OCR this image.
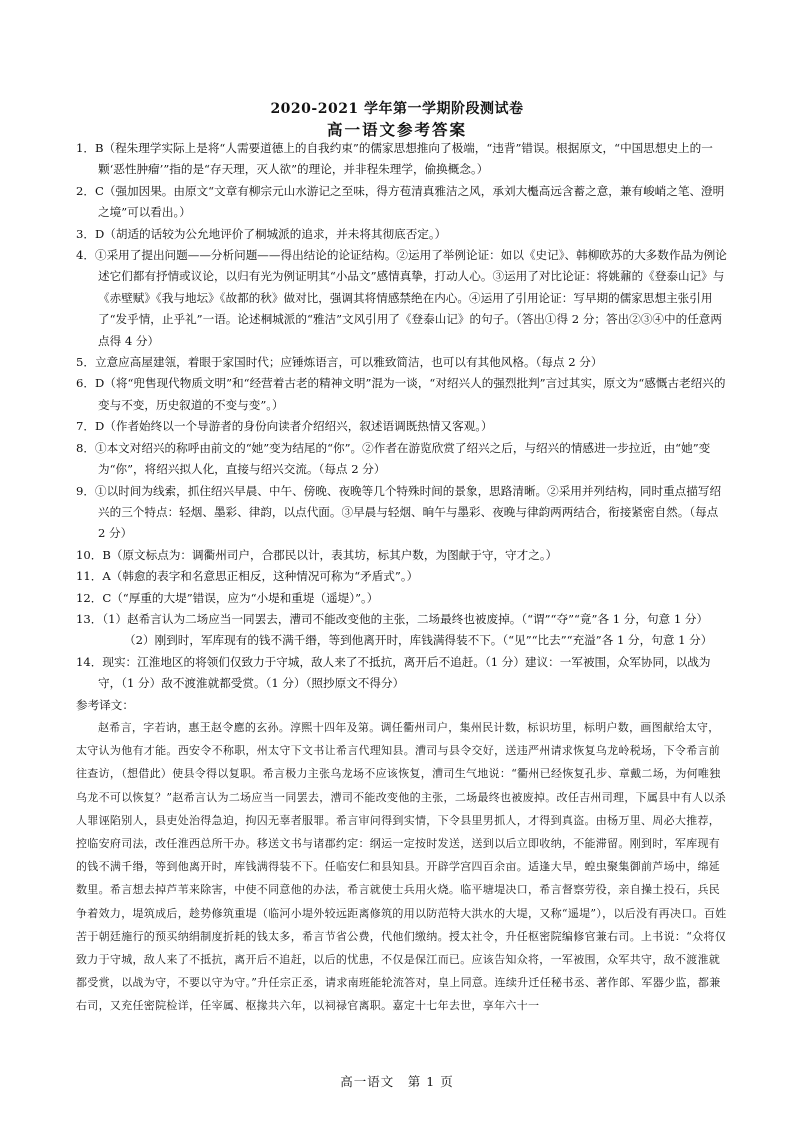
2020-2021 学年第一学期阶段测试卷
高一语文参考答案

1．B（程朱理学实际上是将“人需要道德上的自我约束”的儒家思想推向了极端，“违背”错误。根据原文，“中国思想史上的一颗‘恶性肿瘤’”指的是“存天理，灭人欲”的理论，并非程朱理学，偷换概念。）

2．C（强加因果。由原文“文章有柳宗元山水游记之至味，得方苞清真雅洁之风，承刘大櫆高远含蓄之意，兼有峻峭之笔、澄明之境”可以看出。）

3．D（胡适的话较为公允地评价了桐城派的追求，并未将其彻底否定。）

4．①采用了提出问题——分析问题——得出结论的论证结构。②运用了举例论证：如以《史记》、韩柳欧苏的大多数作品为例论述它们都有抒情或议论，以归有光为例证明其“小品文”感情真挚，打动人心。③运用了对比论证：将姚鼐的《登泰山记》与《赤壁赋》《我与地坛》《故都的秋》做对比，强调其将情感禁绝在内心。④运用了引用论证：写早期的儒家思想主张引用了“发乎情，止乎礼”一语。论述桐城派的“雅洁”文风引用了《登泰山记》的句子。（答出①得 2 分；答出②③④中的任意两点得 4 分）

5．立意应高屋建瓴，着眼于家国时代；应锤炼语言，可以雅致简洁，也可以有其他风格。（每点 2 分）

6．D（将“兜售现代物质文明”和“经营着古老的精神文明”混为一谈，“对绍兴人的强烈批判”言过其实，原文为“感慨古老绍兴的变与不变，历史叙道的不变与变”。）

7．D（作者始终以一个导游者的身份向读者介绍绍兴，叙述语调既热情又客观。）

8．①本文对绍兴的称呼由前文的“她”变为结尾的“你”。②作者在游览欣赏了绍兴之后，与绍兴的情感进一步拉近，由“她”变为“你”，将绍兴拟人化，直接与绍兴交流。（每点 2 分）

9．①以时间为线索，抓住绍兴早晨、中午、傍晚、夜晚等几个特殊时间的景象，思路清晰。②采用并列结构，同时重点描写绍兴的三个特点：轻烟、墨彩、律韵，以点代面。③早晨与轻烟、晌午与墨彩、夜晚与律韵两两结合，衔接紧密自然。（每点 2 分）

10．B（原文标点为：调衢州司户，合郡民以计，表其坊，标其户数，为图献于守，守才之。）

11．A（韩愈的表字和名意思正相反，这种情况可称为“矛盾式”。）

12．C（“厚重的大堤”错误，应为“小堤和重堤（遥堤）”。）

13．（1）赵希言认为二场应当一同罢去，漕司不能改变他的主张，二场最终也被废掉。（“谓”“夺”“竟”各 1 分，句意 1 分）

（2）刚到时，军库现有的钱不满千缗，等到他离开时，库钱满得装不下。（“见”“比去”“充溢”各 1 分，句意 1 分）

14．现实：江淮地区的将领们仅致力于守城，敌人来了不抵抗，离开后不追赶。（1 分）建议：一军被围，众军协同，以战为守，（1 分）敌不渡淮就都受赏。（1 分）（照抄原文不得分）

参考译文：

赵希言，字若讷，惠王赵令應的玄孙。淳熙十四年及第。调任衢州司户，集州民计数，标识坊里，标明户数，画图献给太守，太守认为他有才能。西安令不称职，州太守下文书让希言代理知县。漕司与县令交好，送违严州请求恢复乌龙岭税场，下令希言前往查访，（想借此）使县令得以复职。希言极力主张乌龙场不应该恢复，漕司生气地说：“衢州已经恢复孔步、章戴二场，为何唯独乌龙不可以恢复？”赵希言认为二场应当一同罢去，漕司不能改变他的主张，二场最终也被废掉。改任吉州司理，下属县中有人以杀人罪诬陷别人，县吏处治得急迫，拘囚无辜者服罪。希言审问得到实情，下令县里男抓人，才得到真盗。由杨万里、周必大推荐，控临安府司法，改任淮西总所干办。移送文书与诸郡约定：纲运一定按时发送，送到以后立即收纳，不能滞留。刚到时，军库现有的钱不满千缗，等到他离开时，库钱满得装不下。任临安仁和县知县。开辟学宫四百余亩。适逢大旱，蝗虫聚集御前芦场中，绵延数里。希言想去掉芦苇来除害，中使不同意他的办法，希言就使士兵用火烧。临平塘堤决口，希言督察劳役，亲自操土投石，兵民争着效力，堤筑成后，趁势修筑重堤（临河小堤外较远距离修筑的用以防范特大洪水的大堤，又称“遥堤”），以后没有再决口。百姓苦于朝廷施行的预买纳绢制度折耗的钱太多，希言节省公费，代他们缴纳。授太社令，升任枢密院编修官兼右司。上书说：“众将仅致力于守城，敌人来了不抵抗，离开后不追赶，以后的忧患，不仅是保江而已。应该告知众将，一军被围，众军共守，敌不渡淮就都受赏，以战为守，不要以守为守。”升任宗正丞，请求南班能轮流答对，皇上同意。连续升迁任秘书丞、著作郎、军器少监，都兼右司，又充任密院检详，任宰属、枢掾共六年，以祠禄官离职。嘉定十七年去世，享年六十一

高一语文　第 1 页
